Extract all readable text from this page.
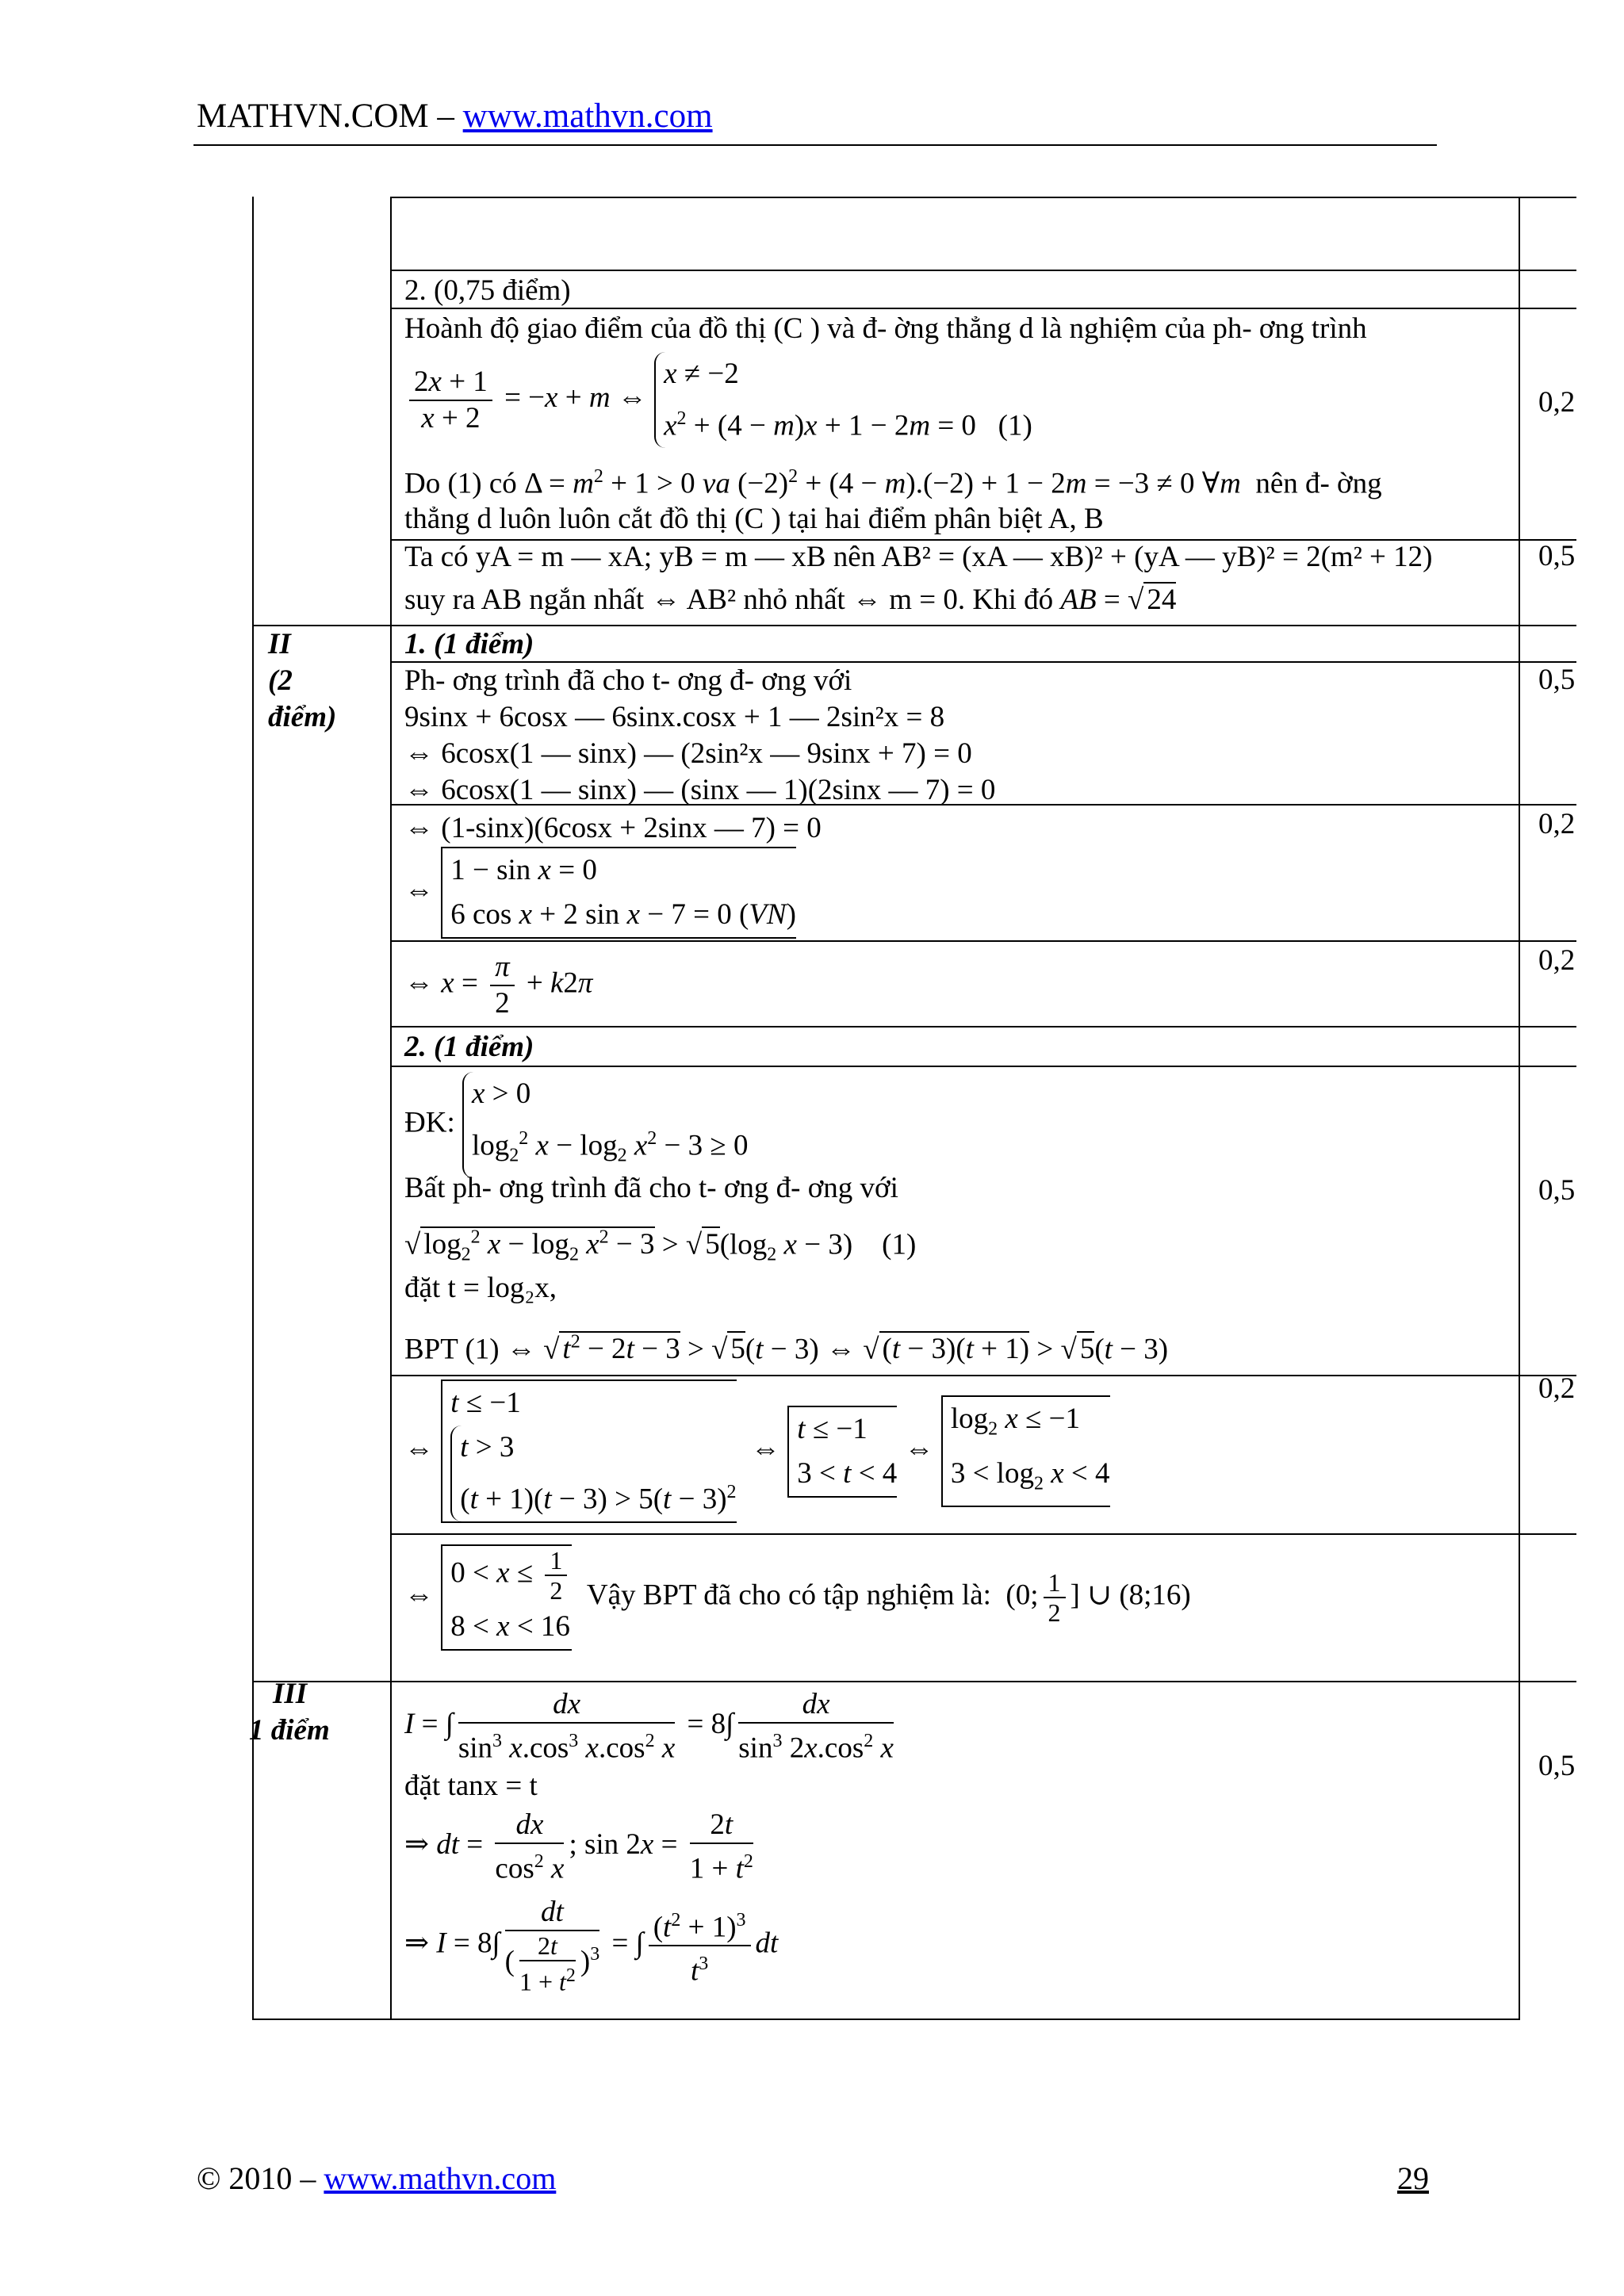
MATHVN.COM – www.mathvn.com
2. (0,75 điểm)
Hoành độ giao điểm của đồ thị (C ) và đ- ờng thẳng d là nghiệm của ph- ơng trình
$\frac{2x + 1}{x + 2} = -x + m$ ⇔
x ≠ −2
$x^2 + (4 - m)x + 1 - 2m = 0$   (1)
Do (1) có $\Delta = m^2 + 1 > 0$ va $(-2)^2 + (4 - m).(-2) + 1 - 2m = -3 \ne 0$ ∀m nên đ- ờng
thẳng d luôn luôn cắt đồ thị (C ) tại hai điểm phân biệt A, B
Ta có yA = m — xA; yB = m — xB nên AB² = (xA — xB)² + (yA — yB)² = 2(m² + 12)
suy ra AB ngắn nhất ⇔ AB² nhỏ nhất ⇔ m = 0. Khi đó AB = √ 24
0,2
0,5
II
(2
điểm)
1. (1 điểm)
Ph- ơng trình đã cho t- ơng đ- ơng với
9sinx + 6cosx — 6sinx.cosx + 1 — 2sin²x = 8
⇔ 6cosx(1 — sinx) — (2sin²x — 9sinx + 7) = 0
⇔ 6cosx(1 — sinx) — (sinx — 1)(2sinx — 7) = 0
⇔ (1-sinx)(6cosx + 2sinx — 7) = 0
⇔
1 − sin x = 0
6 cos x + 2 sin x − 7 = 0 (VN)
⇔ $x = \frac{\pi}{2} + k2\pi$
0,5
0,2
0,2
2. (1 điểm)
ĐK:
x > 0
$\log_2^2 x - \log_2 x^2 - 3 \ge 0$
Bất ph- ơng trình đã cho t- ơng đ- ơng với
√ $\log_2^2 x - \log_2 x^2 - 3$ > √ $5(\log_2$ x − 3)    (1)
đặt t = log₂x,
BPT (1) ⇔ √ $t^2 - 2t - 3$ > √ 5(t − 3) ⇔ √ (t − 3)(t + 1) > √ 5(t − 3)
⇔
t ≤ −1
t > 3
$(t + 1)(t - 3) > 5(t - 3)^2$
⇔
t ≤ −1
3 < t < 4
⇔
$\log_2 x \le -1$
$3 < \log_2 x < 4$
⇔
$0 < x \le \frac{1}{2}$
8 < x < 16
Vậy BPT đã cho có tập nghiệm là:  (0; $\frac{1}{2}$ ] ∪ (8;16)
0,5
0,2
III
1 điểm	I = ∫ $\frac{dx}{\sin^3 x.\cos^3 x.\cos^2 x} = 8\int \frac{dx}{\sin^3 2x.\cos^2 x}$
đặt tanx = t
⇒ dt = $\frac{dx}{\cos^2 x}$ ; $\sin 2x = \frac{2t}{1 + t^2}$
⇒ $I = 8\int \frac{dt}{( \frac{2t}{1 + t^2} )^3}$ = ∫ $\frac{(t^2 + 1)^3}{t^3}$ dt
0,5
© 2010 – www.mathvn.com	29
